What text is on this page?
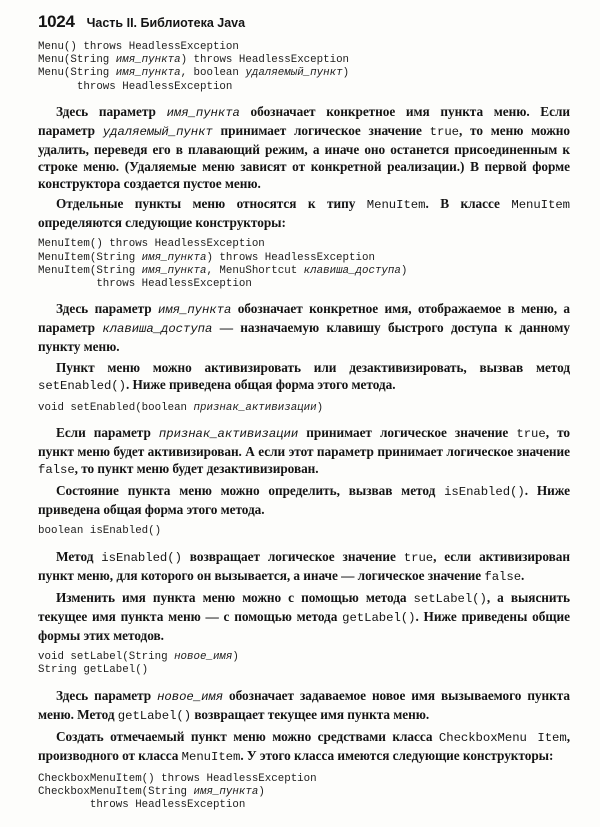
1024 Часть II. Библиотека Java
Menu() throws HeadlessException
Menu(String имя_пункта) throws HeadlessException
Menu(String имя_пункта, boolean удаляемый_пункт)
throws HeadlessException

Здесь параметр имя_пункта обозначает конкретное имя пункта меню. Если параметр удаляемый_пункт принимает логическое значение true, то меню можно удалить, переведя его в плавающий режим, а иначе оно останется присоединенным к строке меню. (Удаляемые меню зависят от конкретной реализации.) В первой форме конструктора создается пустое меню.

Отдельные пункты меню относятся к типу MenuItem. В классе MenuItem определяются следующие конструкторы:

MenuItem() throws HeadlessException
MenuItem(String имя_пункта) throws HeadlessException
MenuItem(String имя_пункта, MenuShortcut клавиша_доступа)
throws HeadlessException

Здесь параметр имя_пункта обозначает конкретное имя, отображаемое в меню, а параметр клавиша_доступа — назначаемую клавишу быстрого доступа к данному пункту меню.

Пункт меню можно активизировать или дезактивизировать, вызвав метод setEnabled(). Ниже приведена общая форма этого метода.

void setEnabled(boolean признак_активизации)

Если параметр признак_активизации принимает логическое значение true, то пункт меню будет активизирован. А если этот параметр принимает логическое значение false, то пункт меню будет дезактивизирован.

Состояние пункта меню можно определить, вызвав метод isEnabled(). Ниже приведена общая форма этого метода.

boolean isEnabled()

Метод isEnabled() возвращает логическое значение true, если активизирован пункт меню, для которого он вызывается, а иначе — логическое значение false.

Изменить имя пункта меню можно с помощью метода setLabel(), а выяснить текущее имя пункта меню — с помощью метода getLabel(). Ниже приведены общие формы этих методов.

void setLabel(String новое_имя)
String getLabel()

Здесь параметр новое_имя обозначает задаваемое новое имя вызываемого пункта меню. Метод getLabel() возвращает текущее имя пункта меню.

Создать отмечаемый пункт меню можно средствами класса CheckboxMenu Item, производного от класса MenuItem. У этого класса имеются следующие конструкторы:

CheckboxMenuItem() throws HeadlessException
CheckboxMenuItem(String имя_пункта)
throws HeadlessException
